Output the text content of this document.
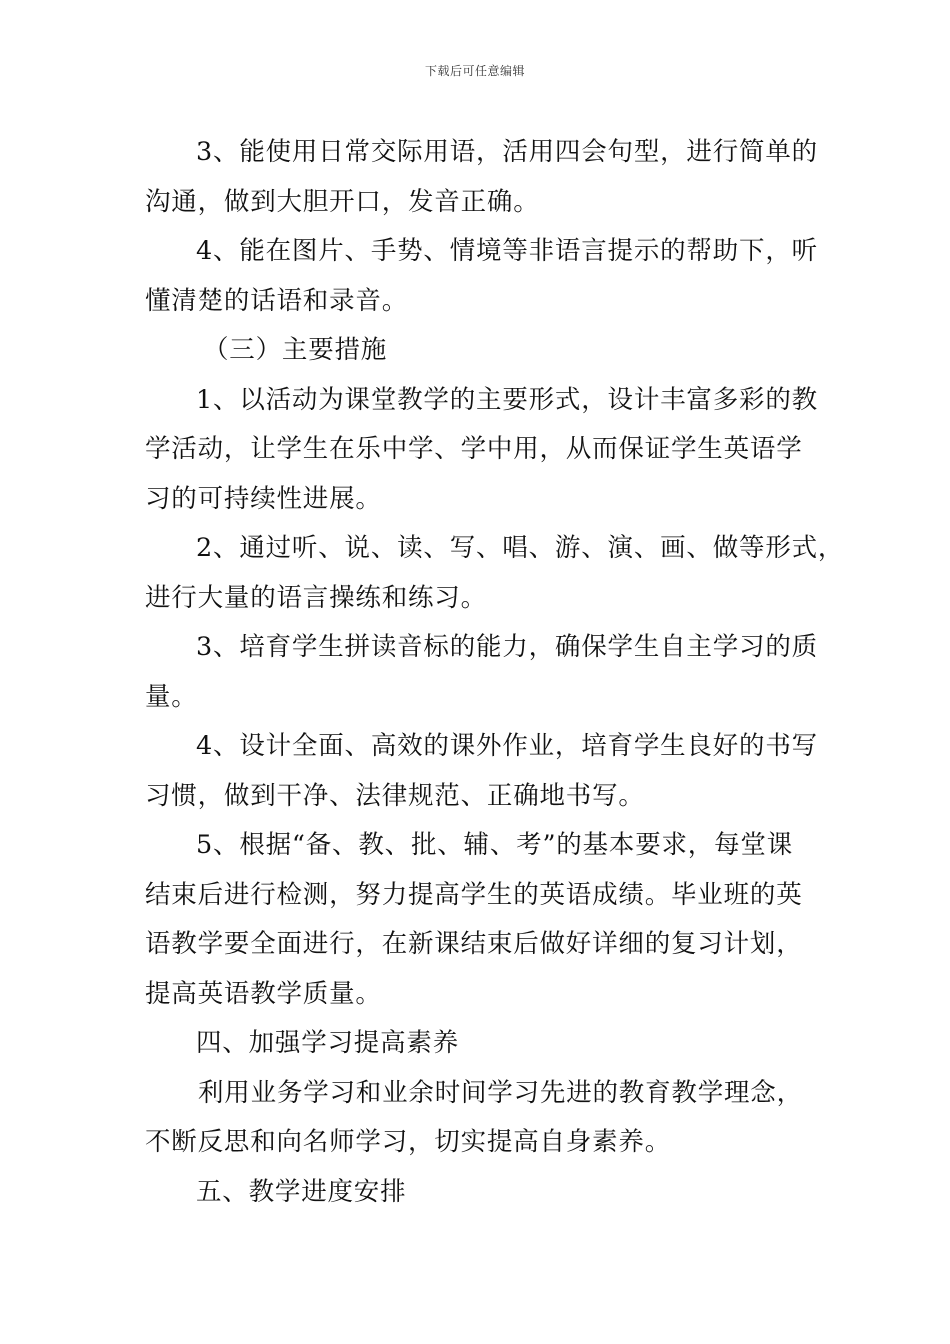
下载后可任意编辑
3、能使用日常交际用语，活用四会句型，进行简单的
沟通，做到大胆开口，发音正确。
4、能在图片、手势、情境等非语言提示的帮助下，听
懂清楚的话语和录音。
（三）主要措施
1、以活动为课堂教学的主要形式，设计丰富多彩的教
学活动，让学生在乐中学、学中用，从而保证学生英语学
习的可持续性进展。
2、通过听、说、读、写、唱、游、演、画、做等形式，
进行大量的语言操练和练习。
3、培育学生拼读音标的能力，确保学生自主学习的质
量。
4、设计全面、高效的课外作业，培育学生良好的书写
习惯，做到干净、法律规范、正确地书写。
5、根据“备、教、批、辅、考”的基本要求，每堂课
结束后进行检测，努力提高学生的英语成绩。毕业班的英
语教学要全面进行，在新课结束后做好详细的复习计划，
提高英语教学质量。
四、加强学习提高素养
利用业务学习和业余时间学习先进的教育教学理念，
不断反思和向名师学习，切实提高自身素养。
五、教学进度安排
